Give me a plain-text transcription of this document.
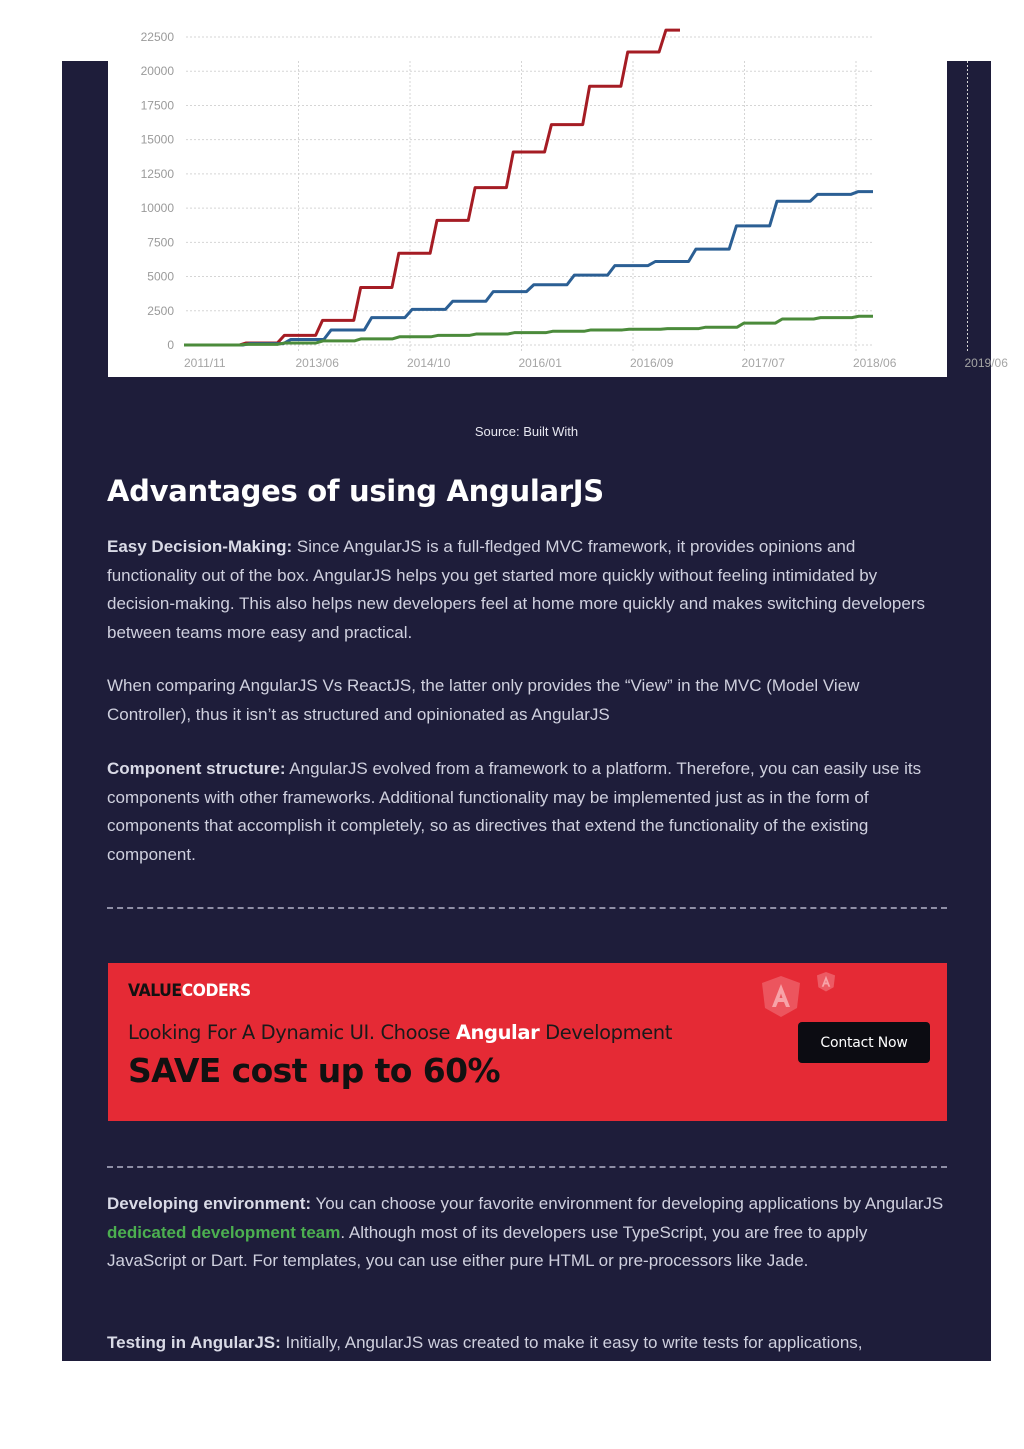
0
2500
5000
7500
10000
12500
15000
17500
20000
22500
2011/11	2013/06	2014/10	2016/01	2016/09	2017/07	2018/06	2019/06
Source: Built With
Advantages of using AngularJS

Easy Decision-Making: Since AngularJS is a full-fledged MVC framework, it provides opinions and functionality out of the box. AngularJS helps you get started more quickly without feeling intimidated by decision-making. This also helps new developers feel at home more quickly and makes switching developers between teams more easy and practical.

When comparing AngularJS Vs ReactJS, the latter only provides the “View” in the MVC (Model View Controller), thus it isn’t as structured and opinionated as AngularJS

Component structure: AngularJS evolved from a framework to a platform. Therefore, you can easily use its components with other frameworks. Additional functionality may be implemented just as in the form of components that accomplish it completely, so as directives that extend the functionality of the existing component.

VALUECODERS
Looking For A Dynamic UI. Choose Angular Development
SAVE cost up to 60%
Contact Now

Developing environment: You can choose your favorite environment for developing applications by AngularJS dedicated development team. Although most of its developers use TypeScript, you are free to apply JavaScript or Dart. For templates, you can use either pure HTML or pre-processors like Jade.

Testing in AngularJS: Initially, AngularJS was created to make it easy to write tests for applications,
